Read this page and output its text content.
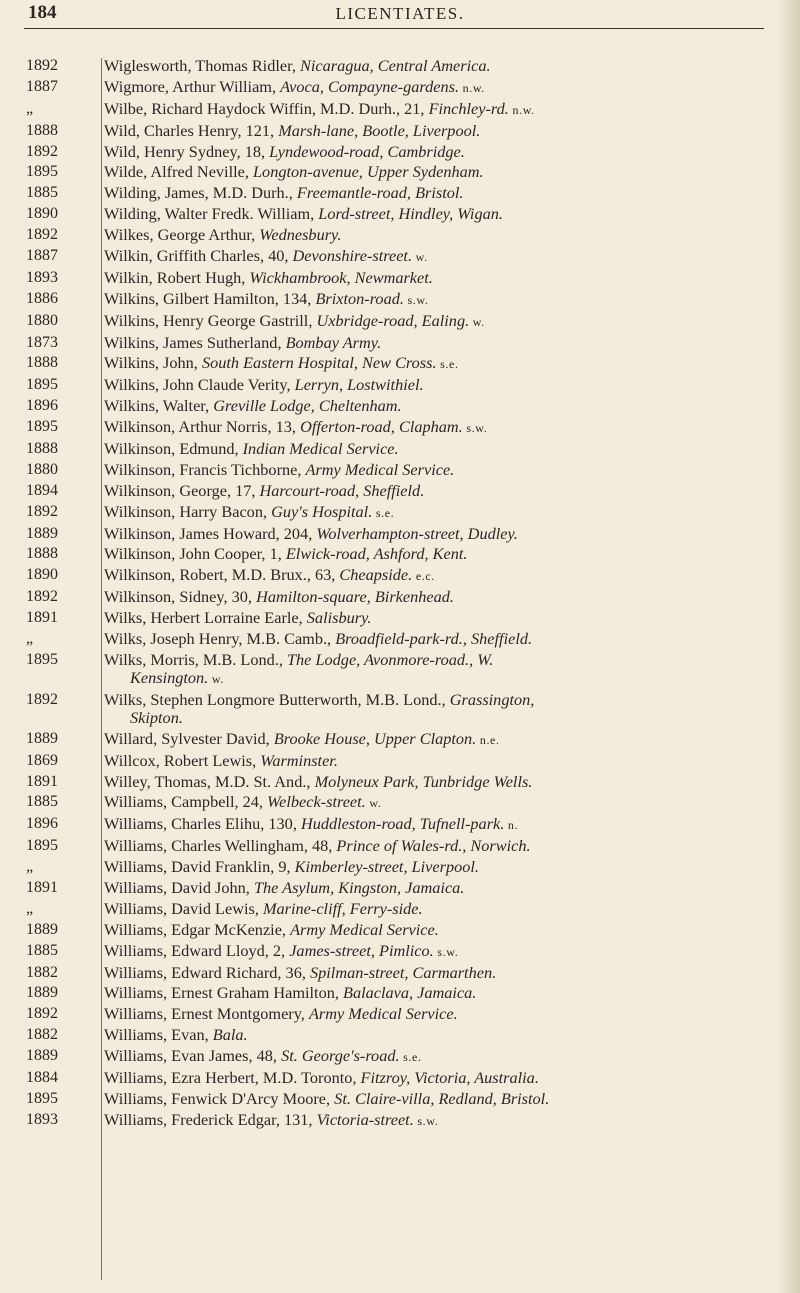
184	LICENTIATES.
1892	Wiglesworth, Thomas Ridler, Nicaragua, Central America.
1887	Wigmore, Arthur William, Avoca, Compayne-gardens. n.w.
„	Wilbe, Richard Haydock Wiffin, M.D. Durh., 21, Finchley-rd. n.w.
1888	Wild, Charles Henry, 121, Marsh-lane, Bootle, Liverpool.
1892	Wild, Henry Sydney, 18, Lyndewood-road, Cambridge.
1895	Wilde, Alfred Neville, Longton-avenue, Upper Sydenham.
1885	Wilding, James, M.D. Durh., Freemantle-road, Bristol.
1890	Wilding, Walter Fredk. William, Lord-street, Hindley, Wigan.
1892	Wilkes, George Arthur, Wednesbury.
1887	Wilkin, Griffith Charles, 40, Devonshire-street. w.
1893	Wilkin, Robert Hugh, Wickhambrook, Newmarket.
1886	Wilkins, Gilbert Hamilton, 134, Brixton-road. s.w.
1880	Wilkins, Henry George Gastrill, Uxbridge-road, Ealing. w.
1873	Wilkins, James Sutherland, Bombay Army.
1888	Wilkins, John, South Eastern Hospital, New Cross. s.e.
1895	Wilkins, John Claude Verity, Lerryn, Lostwithiel.
1896	Wilkins, Walter, Greville Lodge, Cheltenham.
1895	Wilkinson, Arthur Norris, 13, Offerton-road, Clapham. s.w.
1888	Wilkinson, Edmund, Indian Medical Service.
1880	Wilkinson, Francis Tichborne, Army Medical Service.
1894	Wilkinson, George, 17, Harcourt-road, Sheffield.
1892	Wilkinson, Harry Bacon, Guy's Hospital. s.e.
1889	Wilkinson, James Howard, 204, Wolverhampton-street, Dudley.
1888	Wilkinson, John Cooper, 1, Elwick-road, Ashford, Kent.
1890	Wilkinson, Robert, M.D. Brux., 63, Cheapside. e.c.
1892	Wilkinson, Sidney, 30, Hamilton-square, Birkenhead.
1891	Wilks, Herbert Lorraine Earle, Salisbury.
„	Wilks, Joseph Henry, M.B. Camb., Broadfield-park-rd., Sheffield.
1895	Wilks, Morris, M.B. Lond., The Lodge, Avonmore-road., W.
Kensington. w.
1892	Wilks, Stephen Longmore Butterworth, M.B. Lond., Grassington,
Skipton.
1889	Willard, Sylvester David, Brooke House, Upper Clapton. n.e.
1869	Willcox, Robert Lewis, Warminster.
1891	Willey, Thomas, M.D. St. And., Molyneux Park, Tunbridge Wells.
1885	Williams, Campbell, 24, Welbeck-street. w.
1896	Williams, Charles Elihu, 130, Huddleston-road, Tufnell-park. n.
1895	Williams, Charles Wellingham, 48, Prince of Wales-rd., Norwich.
„	Williams, David Franklin, 9, Kimberley-street, Liverpool.
1891	Williams, David John, The Asylum, Kingston, Jamaica.
„	Williams, David Lewis, Marine-cliff, Ferry-side.
1889	Williams, Edgar McKenzie, Army Medical Service.
1885	Williams, Edward Lloyd, 2, James-street, Pimlico. s.w.
1882	Williams, Edward Richard, 36, Spilman-street, Carmarthen.
1889	Williams, Ernest Graham Hamilton, Balaclava, Jamaica.
1892	Williams, Ernest Montgomery, Army Medical Service.
1882	Williams, Evan, Bala.
1889	Williams, Evan James, 48, St. George's-road. s.e.
1884	Williams, Ezra Herbert, M.D. Toronto, Fitzroy, Victoria, Australia.
1895	Williams, Fenwick D'Arcy Moore, St. Claire-villa, Redland, Bristol.
1893	Williams, Frederick Edgar, 131, Victoria-street. s.w.
